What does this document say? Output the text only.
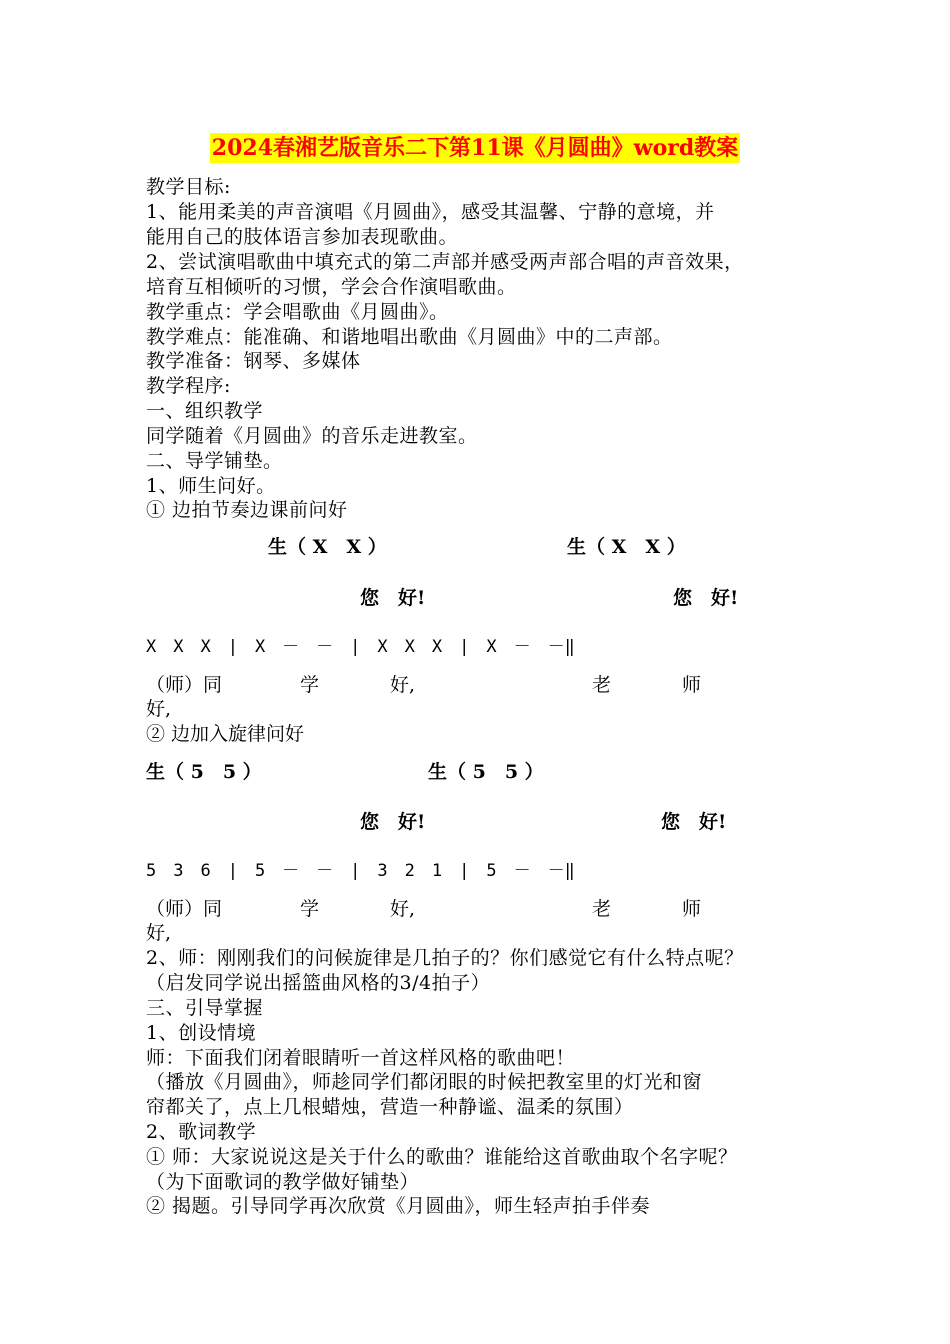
2024春湘艺版音乐二下第11课《月圆曲》word教案
教学目标:
1、能用柔美的声音演唱《月圆曲》，感受其温馨、宁静的意境，并
能用自己的肢体语言参加表现歌曲。
2、尝试演唱歌曲中填充式的第二声部并感受两声部合唱的声音效果，
培育互相倾听的习惯，学会合作演唱歌曲。
教学重点：学会唱歌曲《月圆曲》。
教学难点：能准确、和谐地唱出歌曲《月圆曲》中的二声部。
教学准备：钢琴、多媒体
教学程序:
一、组织教学
同学随着《月圆曲》的音乐走进教室。
二、导学铺垫。
1、师生问好。
① 边拍节奏边课前问好
生（ X　X ）	生（ X　X ）
您　好!	您　好!
X　X　X　|　X　－　－　|　X　X　X　|　X　－　－‖
（师）同	学	好,	老	师
好,
② 边加入旋律问好
生（ 5　5 ）	生（ 5　5 ）
您　好!	您　好!
5　3　6　|　5　－　－　|　3　2　1　|　5　－　－‖
（师）同	学	好,	老	师
好,
2、师：刚刚我们的问候旋律是几拍子的？你们感觉它有什么特点呢？
（启发同学说出摇篮曲风格的3/4拍子）
三、引导掌握
1、创设情境
师：下面我们闭着眼睛听一首这样风格的歌曲吧！
（播放《月圆曲》，师趁同学们都闭眼的时候把教室里的灯光和窗
帘都关了，点上几根蜡烛，营造一种静谧、温柔的氛围）
2、歌词教学
① 师：大家说说这是关于什么的歌曲？谁能给这首歌曲取个名字呢？
（为下面歌词的教学做好铺垫）
② 揭题。引导同学再次欣赏《月圆曲》，师生轻声拍手伴奏
